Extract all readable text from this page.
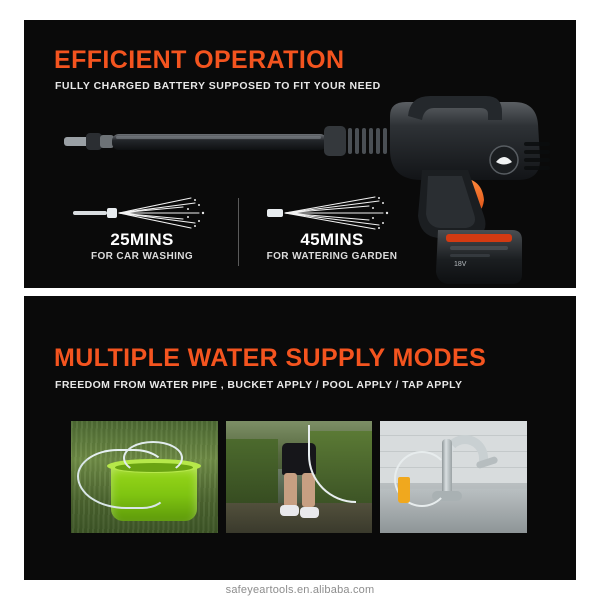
EFFICIENT OPERATION
FULLY CHARGED BATTERY SUPPOSED TO FIT YOUR NEED
18V
25MINS
FOR CAR WASHING
45MINS
FOR WATERING GARDEN
MULTIPLE WATER SUPPLY MODES
FREEDOM FROM WATER PIPE , BUCKET APPLY / POOL APPLY / TAP APPLY
safeyeartools.en.alibaba.com
